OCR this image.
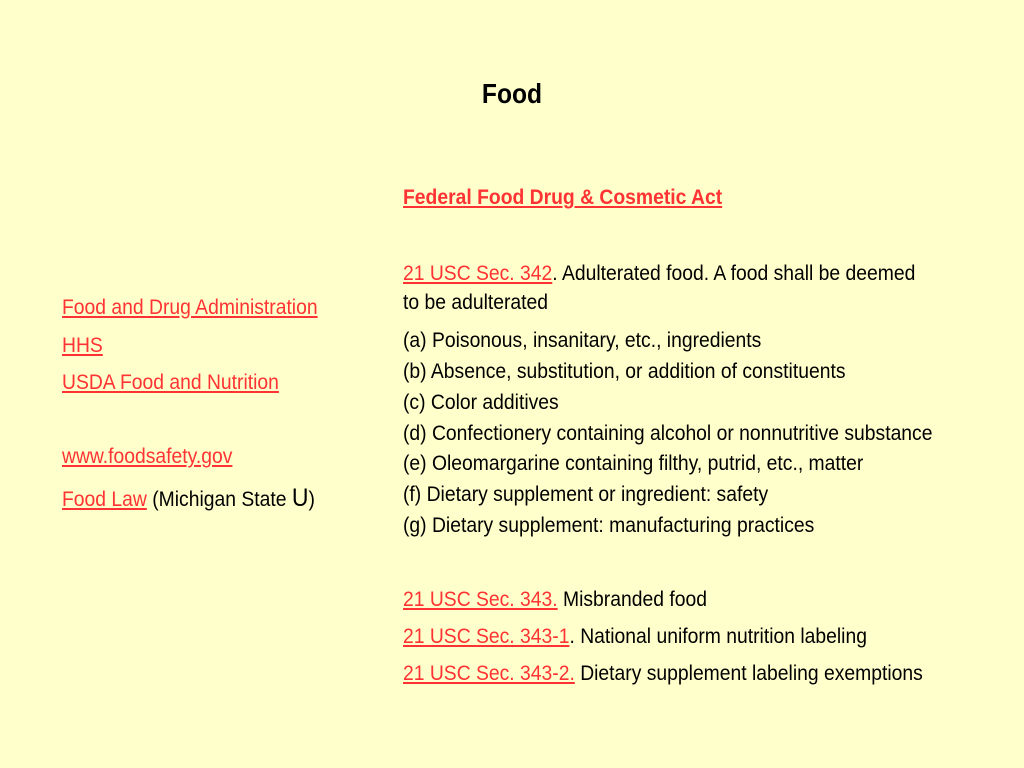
Food
Food and Drug Administration
HHS
USDA Food and Nutrition
www.foodsafety.gov
Food Law (Michigan State U)
Federal Food Drug & Cosmetic Act
21 USC Sec. 342. Adulterated food. A food shall be deemed
to be adulterated
(a) Poisonous, insanitary, etc., ingredients
(b) Absence, substitution, or addition of constituents
(c) Color additives
(d) Confectionery containing alcohol or nonnutritive substance
(e) Oleomargarine containing filthy, putrid, etc., matter
(f) Dietary supplement or ingredient: safety
(g) Dietary supplement: manufacturing practices
21 USC Sec. 343. Misbranded food
21 USC Sec. 343-1. National uniform nutrition labeling
21 USC Sec. 343-2. Dietary supplement labeling exemptions
